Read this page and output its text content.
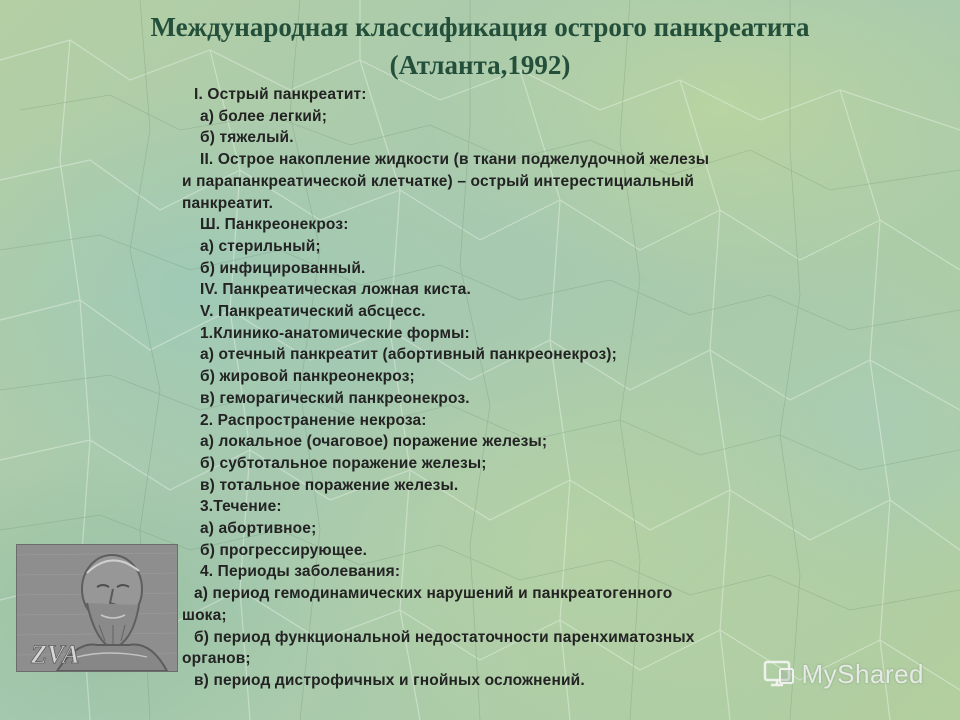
Международная классификация острого панкреатита
(Атланта,1992)
I. Острый панкреатит:
а) более легкий;
б) тяжелый.
II. Острое накопление жидкости (в ткани поджелудочной железы
и парапанкреатической клетчатке) – острый интерестициальный
панкреатит.
Ш. Панкреонекроз:
а) стерильный;
б) инфицированный.
IV. Панкреатическая ложная киста.
V. Панкреатический абсцесс.
1.Клинико-анатомические формы:
а) отечный панкреатит (абортивный панкреонекроз);
б) жировой панкреонекроз;
в) геморагический панкреонекроз.
2. Распространение некроза:
а) локальное (очаговое) поражение железы;
б) субтотальное поражение железы;
в) тотальное поражение железы.
3.Течение:
а) абортивное;
б) прогрессирующее.
4. Периоды заболевания:
а) период гемодинамических нарушений и панкреатогенного
шока;
б) период функциональной недостаточности паренхиматозных
органов;
в) период дистрофичных и гнойных осложнений.
ZVA
MyShared
